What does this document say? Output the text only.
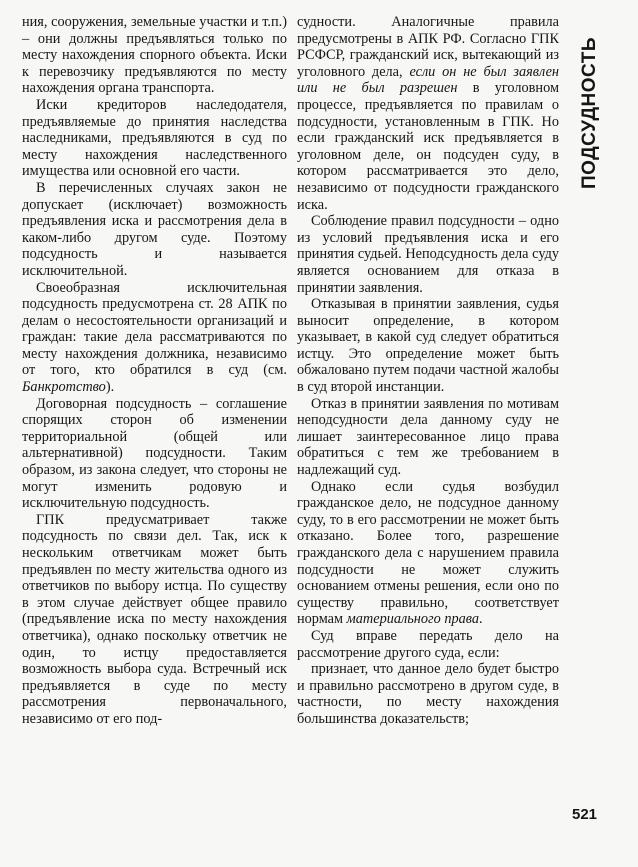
ния, сооружения, земельные участки и т.п.) – они должны предъявляться только по месту нахождения спорного объекта. Иски к перевозчику предъявляются по месту нахождения органа транспорта.

Иски кредиторов наследодателя, предъявляемые до принятия наследства наследниками, предъявляются в суд по месту нахождения наследственного имущества или основной его части.

В перечисленных случаях закон не допускает (исключает) возможность предъявления иска и рассмотрения дела в каком-либо другом суде. Поэтому подсудность и называется исключительной.

Своеобразная исключительная подсудность предусмотрена ст. 28 АПК по делам о несостоятельности организаций и граждан: такие дела рассматриваются по месту нахождения должника, независимо от того, кто обратился в суд (см. Банкротство).

Договорная подсудность – соглашение спорящих сторон об изменении территориальной (общей или альтернативной) подсудности. Таким образом, из закона следует, что стороны не могут изменить родовую и исключительную подсудность.

ГПК предусматривает также подсудность по связи дел. Так, иск к нескольким ответчикам может быть предъявлен по месту жительства одного из ответчиков по выбору истца. По существу в этом случае действует общее правило (предъявление иска по месту нахождения ответчика), однако поскольку ответчик не один, то истцу предоставляется возможность выбора суда. Встречный иск предъявляется в суде по месту рассмотрения первоначального, независимо от его под-

судности. Аналогичные правила предусмотрены в АПК РФ. Согласно ГПК РСФСР, гражданский иск, вытекающий из уголовного дела, если он не был заявлен или не был разрешен в уголовном процессе, предъявляется по правилам о подсудности, установленным в ГПК. Но если гражданский иск предъявляется в уголовном деле, он подсуден суду, в котором рассматривается это дело, независимо от подсудности гражданского иска.

Соблюдение правил подсудности – одно из условий предъявления иска и его принятия судьей. Неподсудность дела суду является основанием для отказа в принятии заявления.

Отказывая в принятии заявления, судья выносит определение, в котором указывает, в какой суд следует обратиться истцу. Это определение может быть обжаловано путем подачи частной жалобы в суд второй инстанции.

Отказ в принятии заявления по мотивам неподсудности дела данному суду не лишает заинтересованное лицо права обратиться с тем же требованием в надлежащий суд.

Однако если судья возбудил гражданское дело, не подсудное данному суду, то в его рассмотрении не может быть отказано. Более того, разрешение гражданского дела с нарушением правила подсудности не может служить основанием отмены решения, если оно по существу правильно, соответствует нормам материального права.

Суд вправе передать дело на рассмотрение другого суда, если:

признает, что данное дело будет быстро и правильно рассмотрено в другом суде, в частности, по месту нахождения большинства доказательств;

ПОДСУДНОСТЬ
521
